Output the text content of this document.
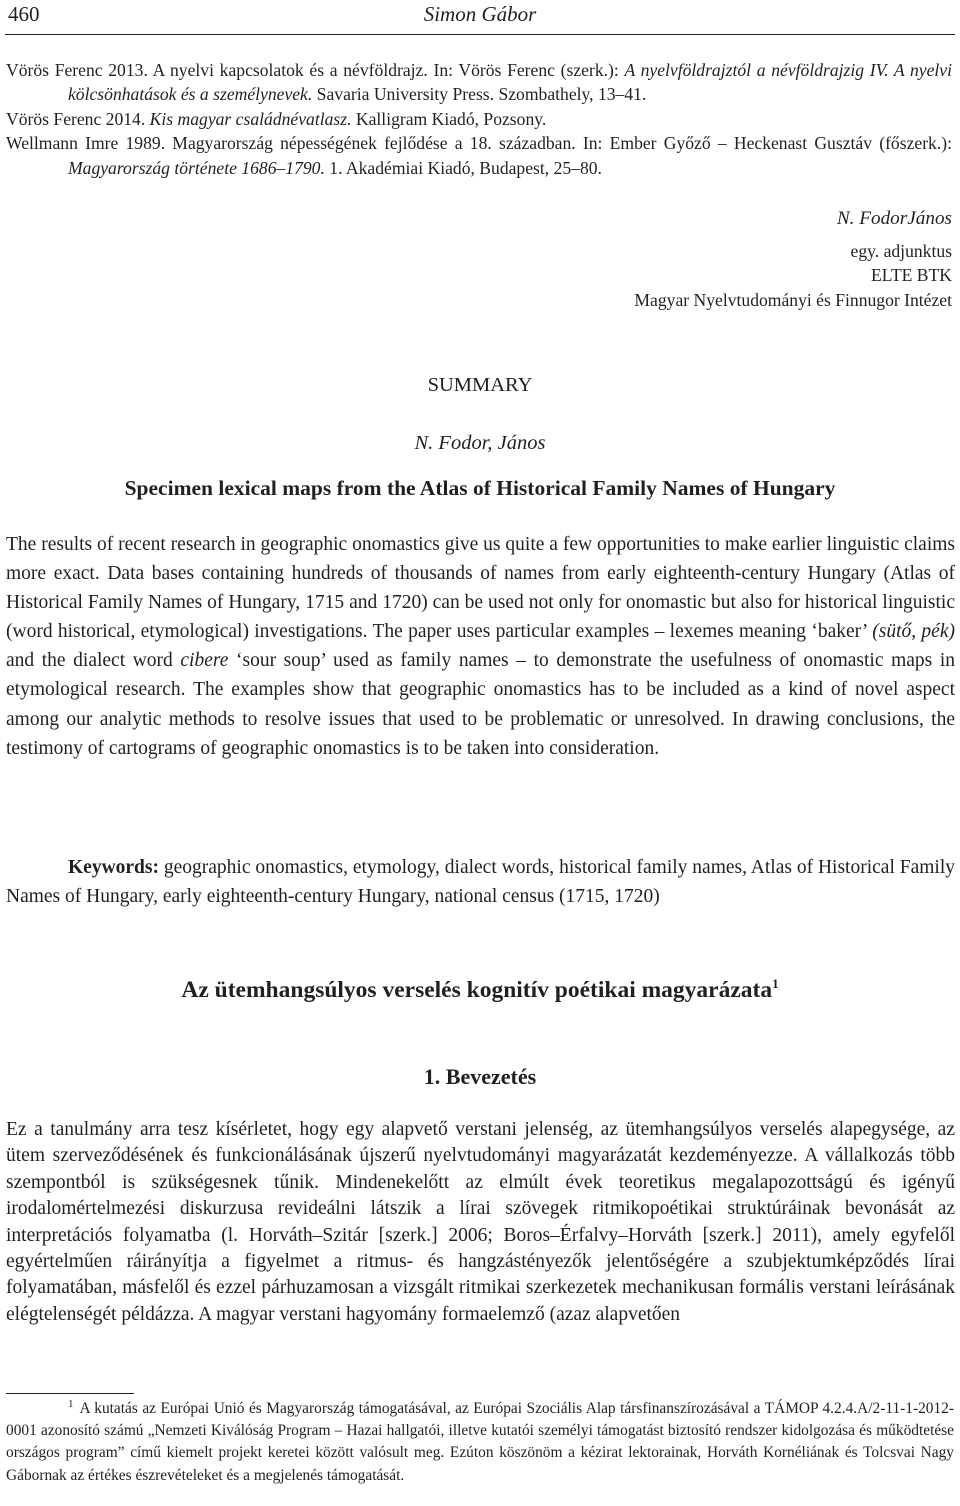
460	Simon Gábor
Vörös Ferenc 2013. A nyelvi kapcsolatok és a névföldrajz. In: Vörös Ferenc (szerk.): A nyelvföldrajztól a névföldrajzig IV. A nyelvi kölcsönhatások és a személynevek. Savaria University Press. Szombathely, 13–41.
Vörös Ferenc 2014. Kis magyar családnévatlasz. Kalligram Kiadó, Pozsony.
Wellmann Imre 1989. Magyarország népességének fejlődése a 18. században. In: Ember Győző – Heckenast Gusztáv (főszerk.): Magyarország története 1686–1790. 1. Akadémiai Kiadó, Budapest, 25–80.
N. FodorJános
egy. adjunktus
ELTE BTK
Magyar Nyelvtudományi és Finnugor Intézet
SUMMARY
N. Fodor, János
Specimen lexical maps from the Atlas of Historical Family Names of Hungary

The results of recent research in geographic onomastics give us quite a few opportunities to make earlier linguistic claims more exact. Data bases containing hundreds of thousands of names from early eighteenth-century Hungary (Atlas of Historical Family Names of Hungary, 1715 and 1720) can be used not only for onomastic but also for historical linguistic (word historical, etymological) investigations. The paper uses particular examples – lexemes meaning ‘baker’ (sütő, pék) and the dialect word cibere ‘sour soup’ used as family names – to demonstrate the usefulness of onomastic maps in etymological research. The examples show that geographic onomastics has to be included as a kind of novel aspect among our analytic methods to resolve issues that used to be problematic or unresolved. In drawing conclusions, the testimony of cartograms of geographic onomastics is to be taken into consideration.

Keywords: geographic onomastics, etymology, dialect words, historical family names, Atlas of Historical Family Names of Hungary, early eighteenth-century Hungary, national census (1715, 1720)

Az ütemhangsúlyos verselés kognitív poétikai magyarázata$^1$
1. Bevezetés

Ez a tanulmány arra tesz kísérletet, hogy egy alapvető verstani jelenség, az ütemhangsúlyos verselés alapegysége, az ütem szerveződésének és funkcionálásának újszerű nyelvtudományi magyarázatát kezdeményezze. A vállalkozás több szempontból is szükségesnek tűnik. Mindenekelőtt az elmúlt évek teoretikus megalapozottságú és igényű irodalomértelmezési diskurzusa revideálni látszik a lírai szövegek ritmikopoétikai struktúráinak bevonását az interpretációs folyamatba (l. Horváth–Szitár [szerk.] 2006; Boros–Érfalvy–Horváth [szerk.] 2011), amely egyfelől egyértelműen ráirányítja a figyelmet a ritmus- és hangzástényezők jelentőségére a szubjektumképződés lírai folyamatában, másfelől és ezzel párhuzamosan a vizsgált ritmikai szerkezetek mechanikusan formális verstani leírásának elégtelenségét példázza. A magyar verstani hagyomány formaelemző (azaz alapvetően

$^1$ A kutatás az Európai Unió és Magyarország támogatásával, az Európai Szociális Alap társfinanszírozásával a TÁMOP 4.2.4.A/2-11-1-2012-0001 azonosító számú „Nemzeti Kiválóság Program – Hazai hallgatói, illetve kutatói személyi támogatást biztosító rendszer kidolgozása és működtetése országos program” című kiemelt projekt keretei között valósult meg. Ezúton köszönöm a kézirat lektorainak, Horváth Kornéliának és Tolcsvai Nagy Gábornak az értékes észrevételeket és a megjelenés támogatását.
